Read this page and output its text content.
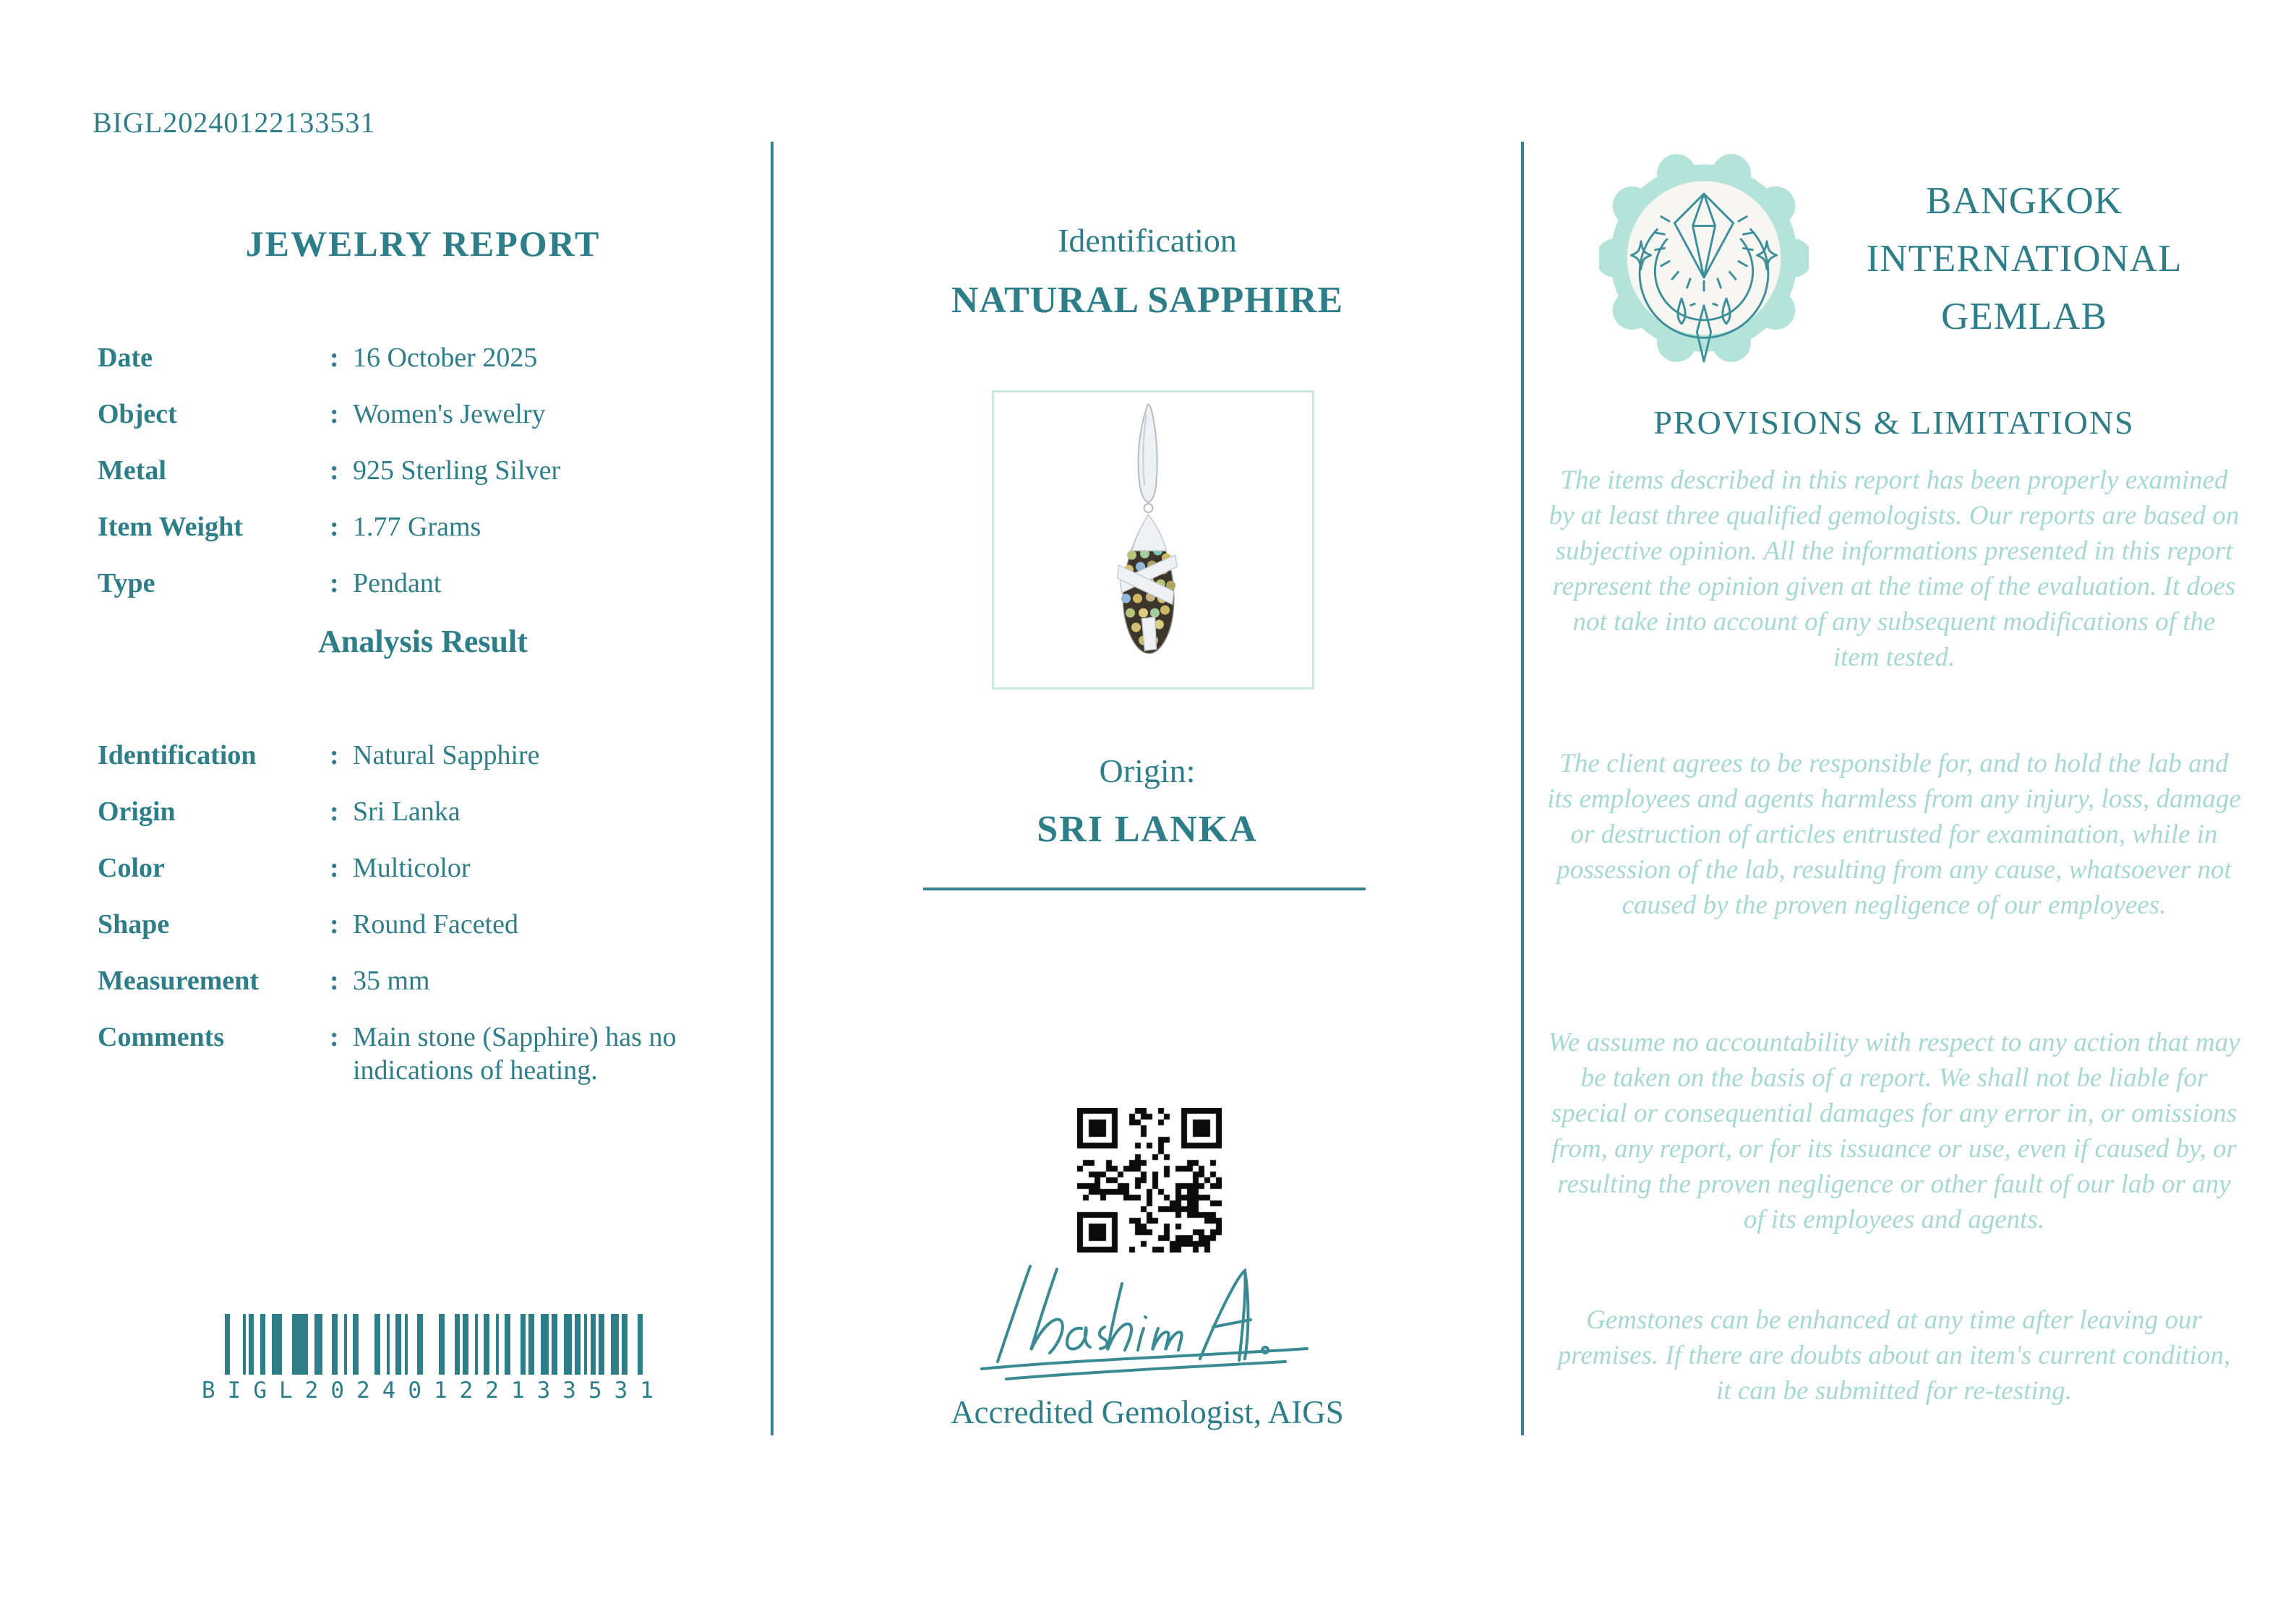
BIGL20240122133531
JEWELRY REPORT
Date	: 16 October 2025
Object	: Women's Jewelry
Metal	: 925 Sterling Silver
Item Weight	: 1.77 Grams
Type	: Pendant
Analysis Result
Identification	: Natural Sapphire
Origin	: Sri Lanka
Color	: Multicolor
Shape	: Round Faceted
Measurement	: 35 mm
Comments	: Main stone (Sapphire) has no indications of heating.
BIGL20240122133531
Identification
NATURAL SAPPHIRE
Origin:
SRI LANKA
Accredited Gemologist, AIGS
BANGKOK
INTERNATIONAL
GEMLAB
PROVISIONS & LIMITATIONS

The items described in this report has been properly examined by at least three qualified gemologists. Our reports are based on subjective opinion. All the informations presented in this report represent the opinion given at the time of the evaluation. It does not take into account of any subsequent modifications of the item tested.

The client agrees to be responsible for, and to hold the lab and its employees and agents harmless from any injury, loss, damage or destruction of articles entrusted for examination, while in possession of the lab, resulting from any cause, whatsoever not caused by the proven negligence of our employees.

We assume no accountability with respect to any action that may be taken on the basis of a report. We shall not be liable for special or consequential damages for any error in, or omissions from, any report, or for its issuance or use, even if caused by, or resulting the proven negligence or other fault of our lab or any of its employees and agents.

Gemstones can be enhanced at any time after leaving our premises. If there are doubts about an item's current condition, it can be submitted for re-testing.
